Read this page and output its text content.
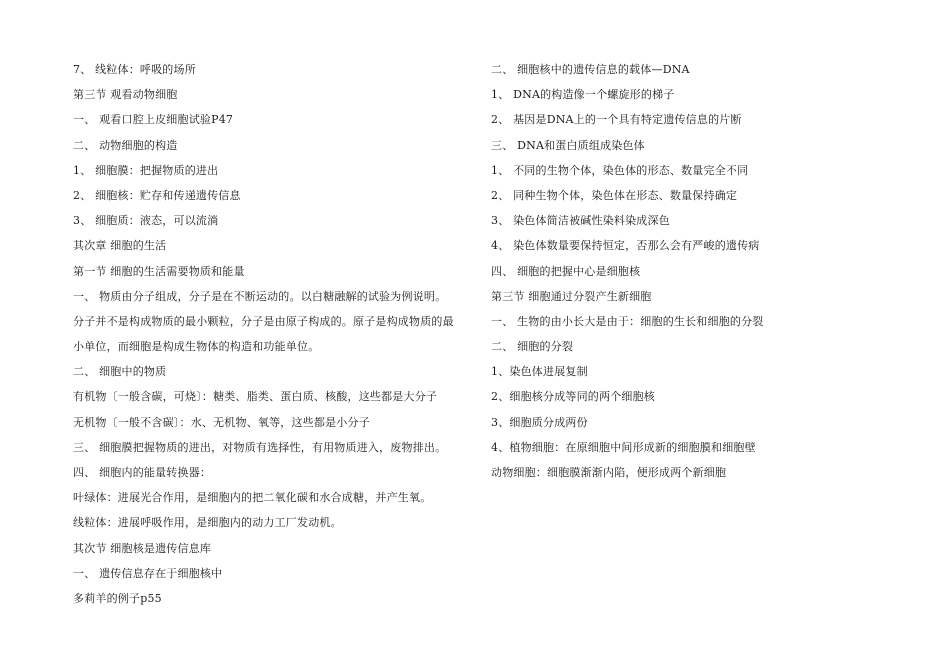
7、 线粒体：呼吸的场所
第三节 观看动物细胞
一、 观看口腔上皮细胞试验P47
二、 动物细胞的构造
1、 细胞膜：把握物质的进出
2、 细胞核：贮存和传递遗传信息
3、 细胞质：液态，可以流淌
其次章 细胞的生活
第一节 细胞的生活需要物质和能量
一、 物质由分子组成，分子是在不断运动的。以白糖融解的试验为例说明。
分子并不是构成物质的最小颗粒，分子是由原子构成的。原子是构成物质的最
小单位，而细胞是构成生物体的构造和功能单位。
二、 细胞中的物质
有机物〔一般含碳，可烧〕：糖类、脂类、蛋白质、核酸，这些都是大分子
无机物〔一般不含碳〕：水、无机物、氧等，这些都是小分子
三、 细胞膜把握物质的进出，对物质有选择性，有用物质进入，废物排出。
四、 细胞内的能量转换器：
叶绿体：进展光合作用，是细胞内的把二氧化碳和水合成糖，并产生氧。
线粒体：进展呼吸作用，是细胞内的动力工厂发动机。
其次节 细胞核是遗传信息库
一、 遗传信息存在于细胞核中
多莉羊的例子p55
二、 细胞核中的遗传信息的载体—DNA
1、 DNA的构造像一个螺旋形的梯子
2、 基因是DNA上的一个具有特定遗传信息的片断
三、 DNA和蛋白质组成染色体
1、 不同的生物个体，染色体的形态、数量完全不同
2、 同种生物个体，染色体在形态、数量保持确定
3、 染色体简洁被碱性染料染成深色
4、 染色体数量要保持恒定，否那么会有严峻的遗传病
四、 细胞的把握中心是细胞核
第三节 细胞通过分裂产生新细胞
一、 生物的由小长大是由于：细胞的生长和细胞的分裂
二、 细胞的分裂
1、染色体进展复制
2、细胞核分成等同的两个细胞核
3、细胞质分成两份
4、植物细胞：在原细胞中间形成新的细胞膜和细胞壁
动物细胞：细胞膜渐渐内陷，便形成两个新细胞
